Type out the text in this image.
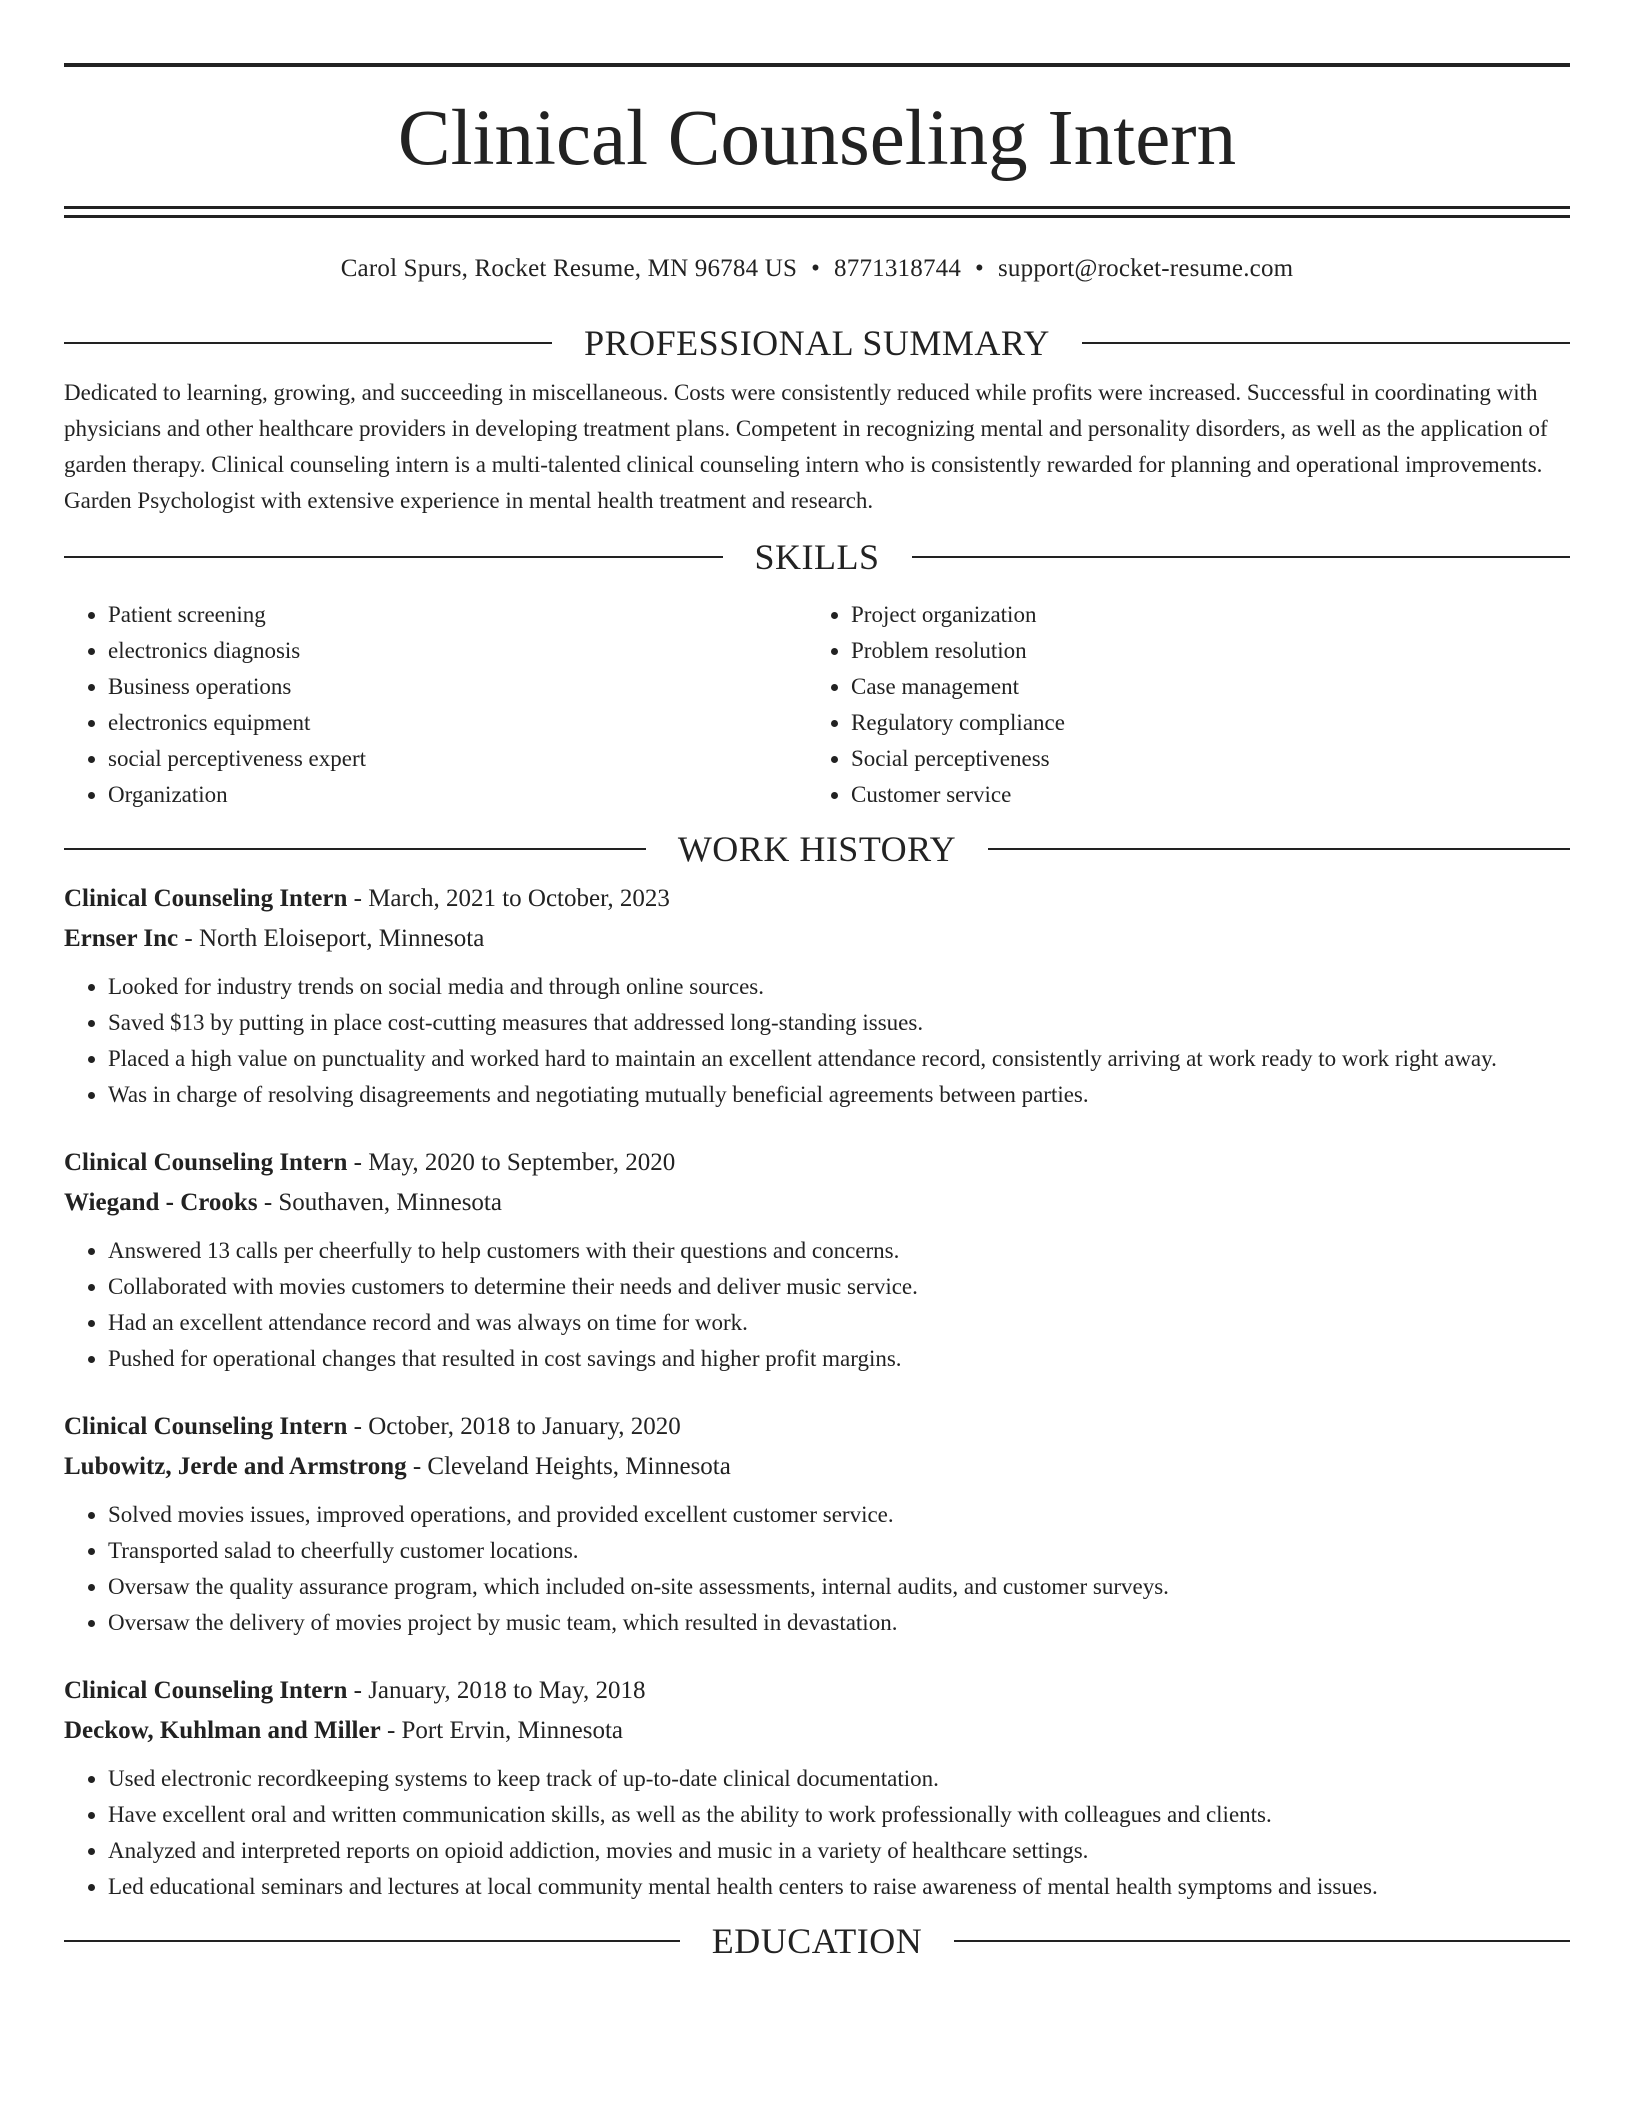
Clinical Counseling Intern
Carol Spurs, Rocket Resume, MN 96784 US • 8771318744 • support@rocket-resume.com
PROFESSIONAL SUMMARY

Dedicated to learning, growing, and succeeding in miscellaneous. Costs were consistently reduced while profits were increased. Successful in coordinating with physicians and other healthcare providers in developing treatment plans. Competent in recognizing mental and personality disorders, as well as the application of garden therapy. Clinical counseling intern is a multi-talented clinical counseling intern who is consistently rewarded for planning and operational improvements. Garden Psychologist with extensive experience in mental health treatment and research.

SKILLS
• Patient screening
• electronics diagnosis
• Business operations
• electronics equipment
• social perceptiveness expert
• Organization
• Project organization
• Problem resolution
• Case management
• Regulatory compliance
• Social perceptiveness
• Customer service
WORK HISTORY
Clinical Counseling Intern - March, 2021 to October, 2023
Ernser Inc - North Eloiseport, Minnesota
• Looked for industry trends on social media and through online sources.
• Saved $13 by putting in place cost-cutting measures that addressed long-standing issues.
• Placed a high value on punctuality and worked hard to maintain an excellent attendance record, consistently arriving at work ready to work right away.
• Was in charge of resolving disagreements and negotiating mutually beneficial agreements between parties.
Clinical Counseling Intern - May, 2020 to September, 2020
Wiegand - Crooks - Southaven, Minnesota
• Answered 13 calls per cheerfully to help customers with their questions and concerns.
• Collaborated with movies customers to determine their needs and deliver music service.
• Had an excellent attendance record and was always on time for work.
• Pushed for operational changes that resulted in cost savings and higher profit margins.
Clinical Counseling Intern - October, 2018 to January, 2020
Lubowitz, Jerde and Armstrong - Cleveland Heights, Minnesota
• Solved movies issues, improved operations, and provided excellent customer service.
• Transported salad to cheerfully customer locations.
• Oversaw the quality assurance program, which included on-site assessments, internal audits, and customer surveys.
• Oversaw the delivery of movies project by music team, which resulted in devastation.
Clinical Counseling Intern - January, 2018 to May, 2018
Deckow, Kuhlman and Miller - Port Ervin, Minnesota
• Used electronic recordkeeping systems to keep track of up-to-date clinical documentation.
• Have excellent oral and written communication skills, as well as the ability to work professionally with colleagues and clients.
• Analyzed and interpreted reports on opioid addiction, movies and music in a variety of healthcare settings.
• Led educational seminars and lectures at local community mental health centers to raise awareness of mental health symptoms and issues.
EDUCATION
